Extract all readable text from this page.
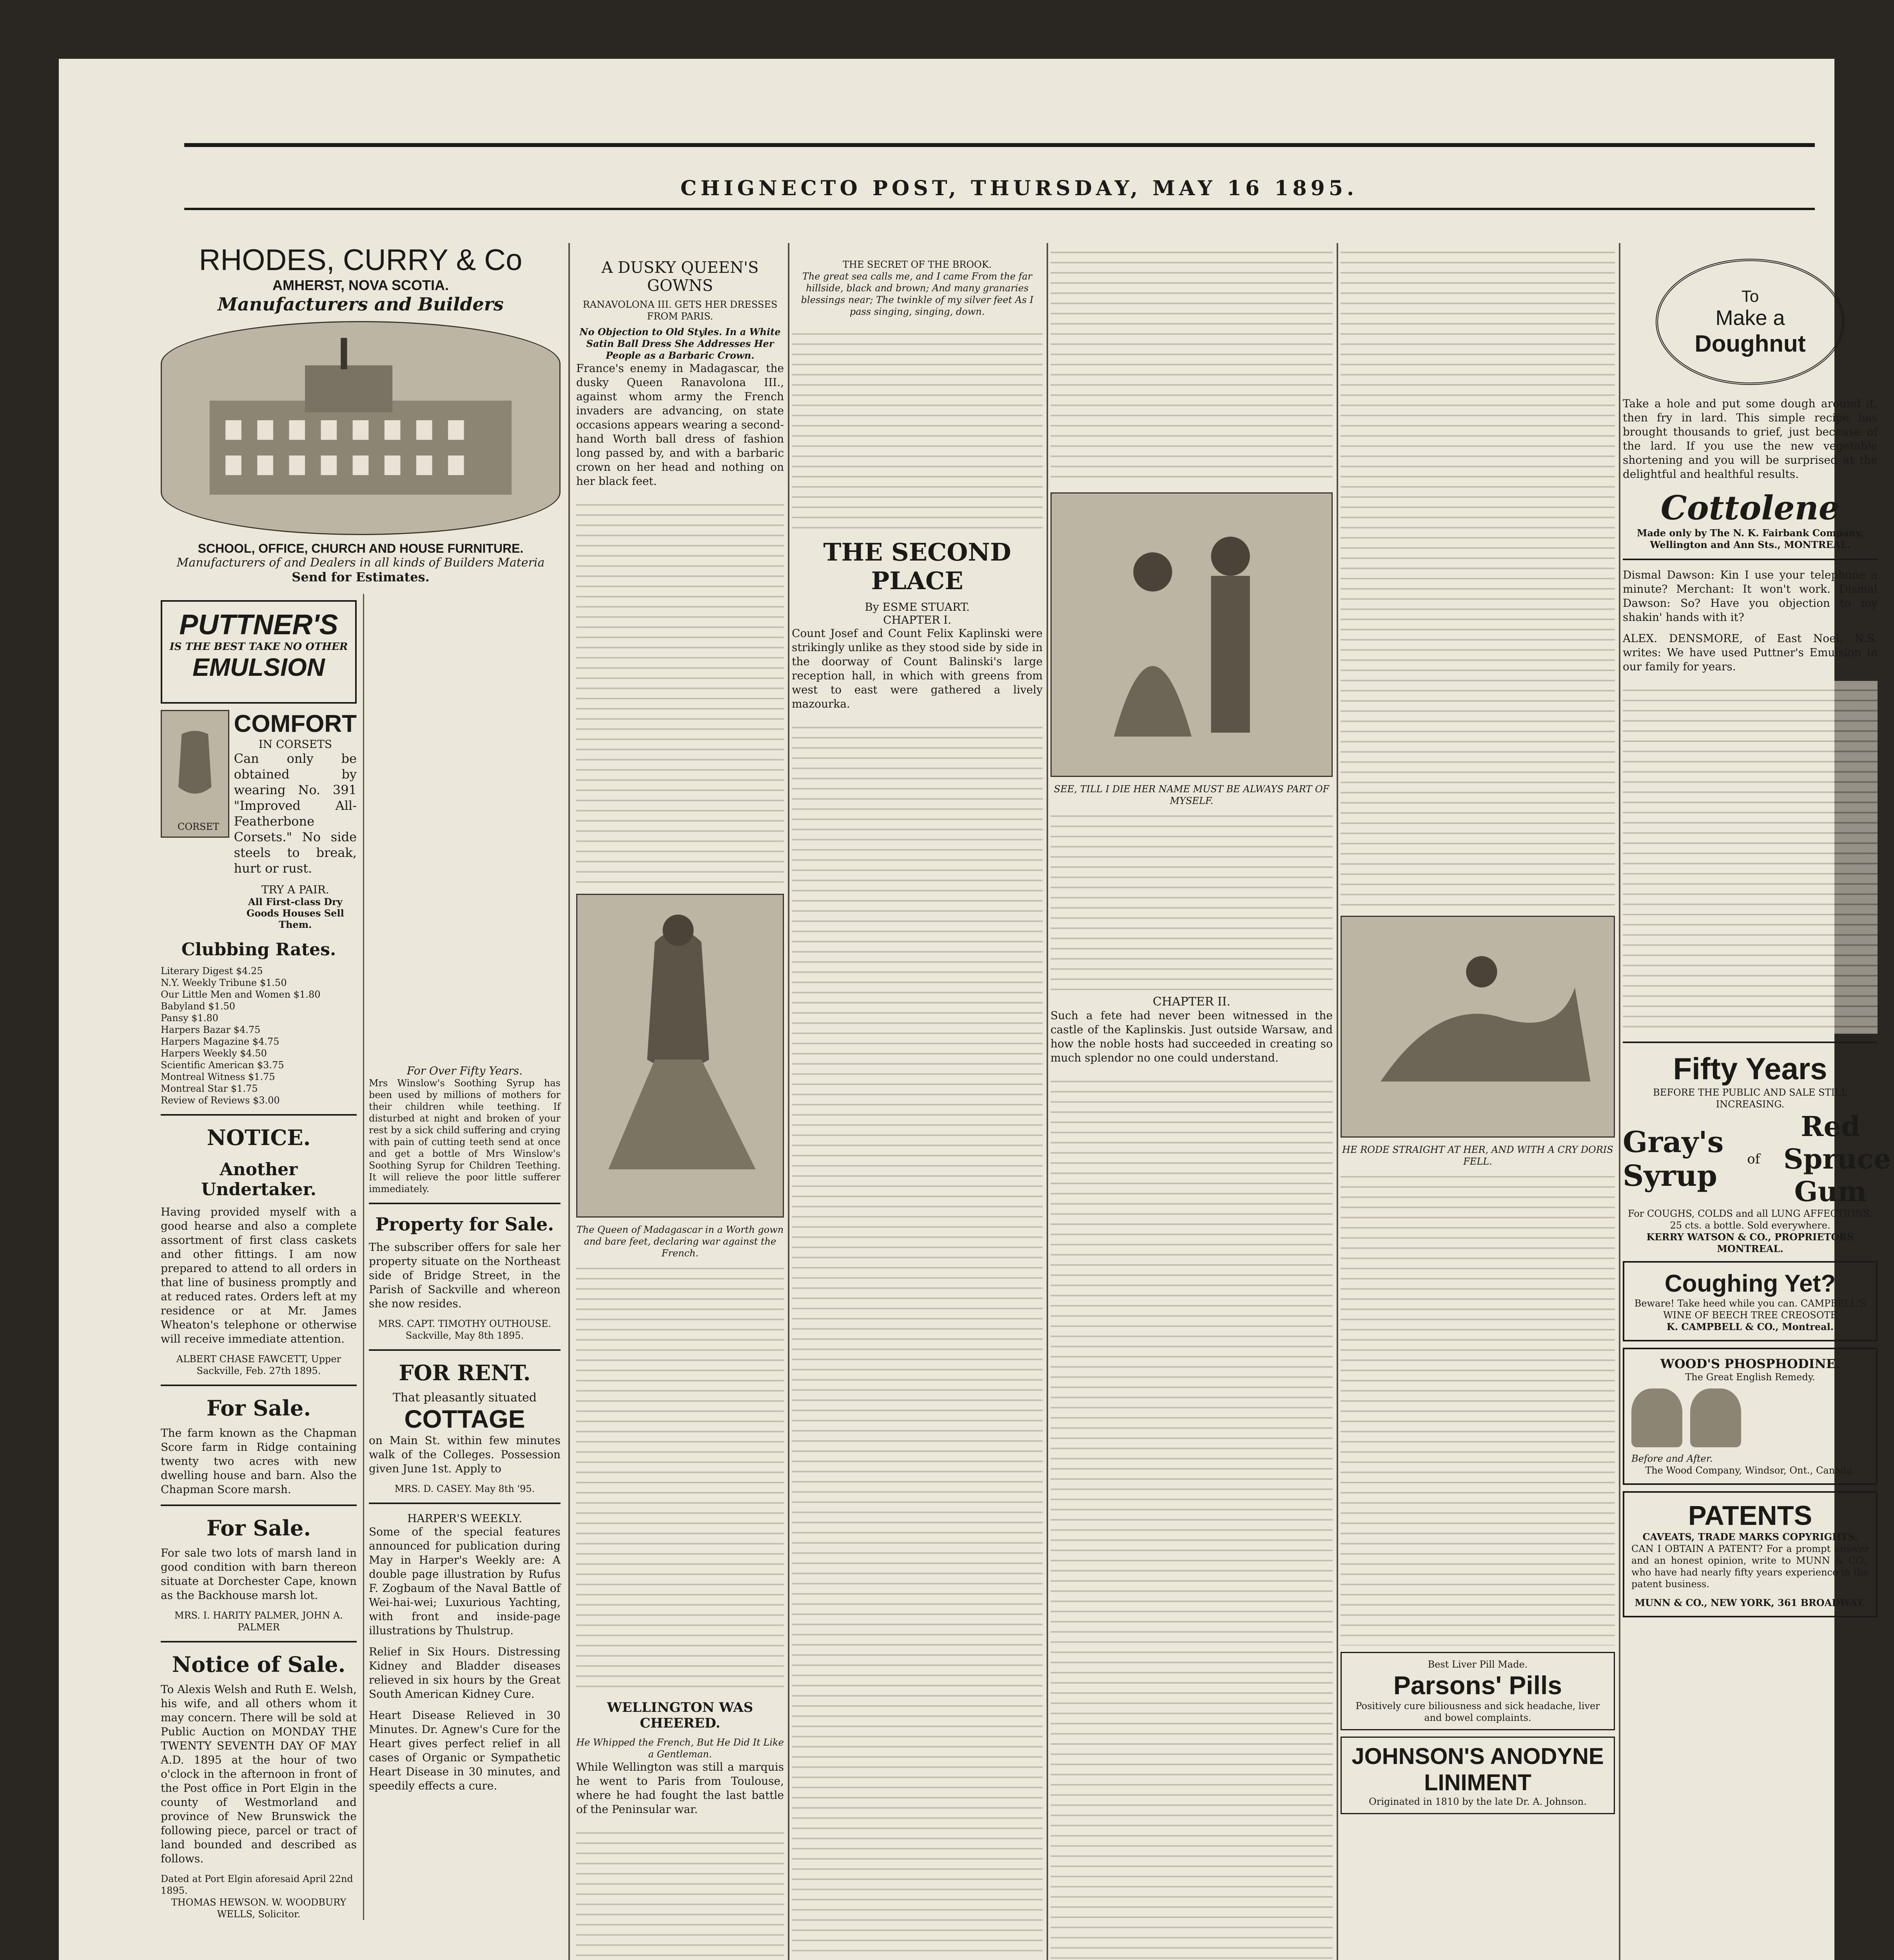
CHIGNECTO POST, THURSDAY, MAY 16 1895.
RHODES, CURRY & Co
AMHERST, NOVA SCOTIA.
Manufacturers and Builders
SCHOOL, OFFICE, CHURCH AND HOUSE FURNITURE.
Manufacturers of and Dealers in all kinds of Builders Materia
Send for Estimates.
PUTTNER'S
IS THE BEST TAKE NO OTHER
EMULSION
CORSET
COMFORT
IN CORSETS
Can only be obtained by wearing No. 391 "Improved All-Featherbone Corsets." No side steels to break, hurt or rust.
TRY A PAIR.
All First-class Dry Goods Houses Sell Them.
Clubbing Rates.
Literary Digest $4.25
N.Y. Weekly Tribune $1.50
Our Little Men and Women $1.80
Babyland $1.50
Pansy $1.80
Harpers Bazar $4.75
Harpers Magazine $4.75
Harpers Weekly $4.50
Scientific American $3.75
Montreal Witness $1.75
Montreal Star $1.75
Review of Reviews $3.00
NOTICE.
Another Undertaker.
Having provided myself with a good hearse and also a complete assortment of first class caskets and other fittings. I am now prepared to attend to all orders in that line of business promptly and at reduced rates. Orders left at my residence or at Mr. James Wheaton's telephone or otherwise will receive immediate attention.
ALBERT CHASE FAWCETT, Upper Sackville, Feb. 27th 1895.
For Sale.
The farm known as the Chapman Score farm in Ridge containing twenty two acres with new dwelling house and barn. Also the Chapman Score marsh.
For Sale.
For sale two lots of marsh land in good condition with barn thereon situate at Dorchester Cape, known as the Backhouse marsh lot.
MRS. I. HARITY PALMER, JOHN A. PALMER
Notice of Sale.
To Alexis Welsh and Ruth E. Welsh, his wife, and all others whom it may concern. There will be sold at Public Auction on MONDAY THE TWENTY SEVENTH DAY OF MAY A.D. 1895 at the hour of two o'clock in the afternoon in front of the Post office in Port Elgin in the county of Westmorland and province of New Brunswick the following piece, parcel or tract of land bounded and described as follows.
Dated at Port Elgin aforesaid April 22nd 1895.
THOMAS HEWSON. W. WOODBURY WELLS, Solicitor.
For Over Fifty Years.
Mrs Winslow's Soothing Syrup has been used by millions of mothers for their children while teething. If disturbed at night and broken of your rest by a sick child suffering and crying with pain of cutting teeth send at once and get a bottle of Mrs Winslow's Soothing Syrup for Children Teething. It will relieve the poor little sufferer immediately.
Property for Sale.
The subscriber offers for sale her property situate on the Northeast side of Bridge Street, in the Parish of Sackville and whereon she now resides.
MRS. CAPT. TIMOTHY OUTHOUSE. Sackville, May 8th 1895.
FOR RENT.
That pleasantly situated
COTTAGE
on Main St. within few minutes walk of the Colleges. Possession given June 1st. Apply to
MRS. D. CASEY. May 8th '95.
HARPER'S WEEKLY.
Some of the special features announced for publication during May in Harper's Weekly are: A double page illustration by Rufus F. Zogbaum of the Naval Battle of Wei-hai-wei; Luxurious Yachting, with front and inside-page illustrations by Thulstrup.
Relief in Six Hours. Distressing Kidney and Bladder diseases relieved in six hours by the Great South American Kidney Cure.
Heart Disease Relieved in 30 Minutes. Dr. Agnew's Cure for the Heart gives perfect relief in all cases of Organic or Sympathetic Heart Disease in 30 minutes, and speedily effects a cure.
A DUSKY QUEEN'S GOWNS
RANAVOLONA III. GETS HER DRESSES FROM PARIS.
No Objection to Old Styles. In a White Satin Ball Dress She Addresses Her People as a Barbaric Crown.
France's enemy in Madagascar, the dusky Queen Ranavolona III., against whom army the French invaders are advancing, on state occasions appears wearing a second-hand Worth ball dress of fashion long passed by, and with a barbaric crown on her head and nothing on her black feet.
The Queen of Madagascar in a Worth gown and bare feet, declaring war against the French.
WELLINGTON WAS CHEERED.
He Whipped the French, But He Did It Like a Gentleman.
While Wellington was still a marquis he went to Paris from Toulouse, where he had fought the last battle of the Peninsular war.
THE SECRET OF THE BROOK.
The great sea calls me, and I came From the far hillside, black and brown; And many granaries blessings near; The twinkle of my silver feet As I pass singing, singing, down.
THE SECOND PLACE
By ESME STUART.
CHAPTER I.
Count Josef and Count Felix Kaplinski were strikingly unlike as they stood side by side in the doorway of Count Balinski's large reception hall, in which with greens from west to east were gathered a lively mazourka.
SEE, TILL I DIE HER NAME MUST BE ALWAYS PART OF MYSELF.
CHAPTER II.
Such a fete had never been witnessed in the castle of the Kaplinskis. Just outside Warsaw, and how the noble hosts had succeeded in creating so much splendor no one could understand.
HE RODE STRAIGHT AT HER, AND WITH A CRY DORIS FELL.
Best Liver Pill Made.
Parsons' Pills
Positively cure biliousness and sick headache, liver and bowel complaints.
JOHNSON'S ANODYNE LINIMENT
Originated in 1810 by the late Dr. A. Johnson.
To
Make a
Doughnut
Take a hole and put some dough around it, then fry in lard. This simple recipe has brought thousands to grief, just because of the lard. If you use the new vegetable shortening and you will be surprised at the delightful and healthful results.
Cottolene
Made only by The N. K. Fairbank Company, Wellington and Ann Sts., MONTREAL.
Dismal Dawson: Kin I use your telephone a minute? Merchant: It won't work. Dismal Dawson: So? Have you objection to my shakin' hands with it?
ALEX. DENSMORE, of East Noel, N.S. writes: We have used Puttner's Emulsion in our family for years.
Fifty Years
BEFORE THE PUBLIC AND SALE STILL INCREASING.
Gray's
Syrup	of
Red Spruce Gum
For COUGHS, COLDS and all LUNG AFFECTIONS. 25 cts. a bottle. Sold everywhere.
KERRY WATSON & CO., PROPRIETORS MONTREAL.
Coughing Yet?
Beware! Take heed while you can. CAMPBELL'S WINE OF BEECH TREE CREOSOTE
K. CAMPBELL & CO., Montreal.
WOOD'S PHOSPHODINE.
The Great English Remedy.
Before and After.
The Wood Company, Windsor, Ont., Canada.
PATENTS
CAVEATS, TRADE MARKS COPYRIGHTS.
CAN I OBTAIN A PATENT? For a prompt answer and an honest opinion, write to MUNN & CO., who have had nearly fifty years experience in the patent business.
MUNN & CO., NEW YORK, 361 BROADWAY.
